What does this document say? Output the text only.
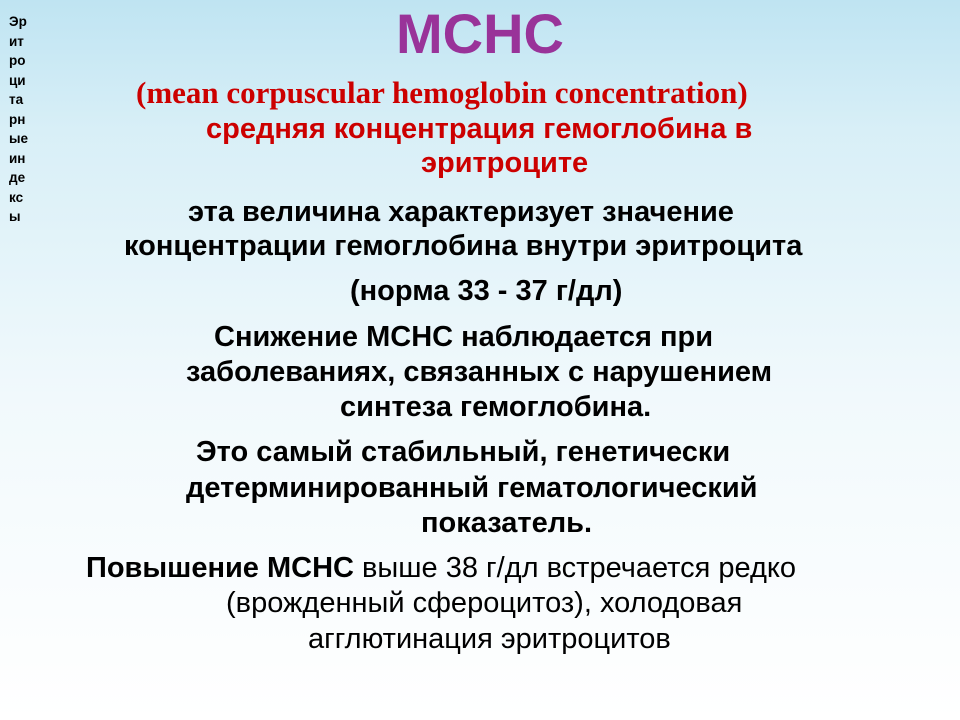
Эр
ит
ро
ци
та
рн
ые
ин
де
кс
ы
МСНС
(mean corpuscular hemoglobin concentration)
средняя концентрация гемоглобина в
эритроците
эта величина характеризует значение
концентрации гемоглобина внутри эритроцита
(норма 33 - 37 г/дл)
Снижение МСНС наблюдается при
заболеваниях, связанных с нарушением
синтеза гемоглобина.
Это самый стабильный, генетически
детерминированный гематологический
показатель.
Повышение МСНС выше 38 г/дл встречается редко
(врожденный сфероцитоз), холодовая
агглютинация эритроцитов
